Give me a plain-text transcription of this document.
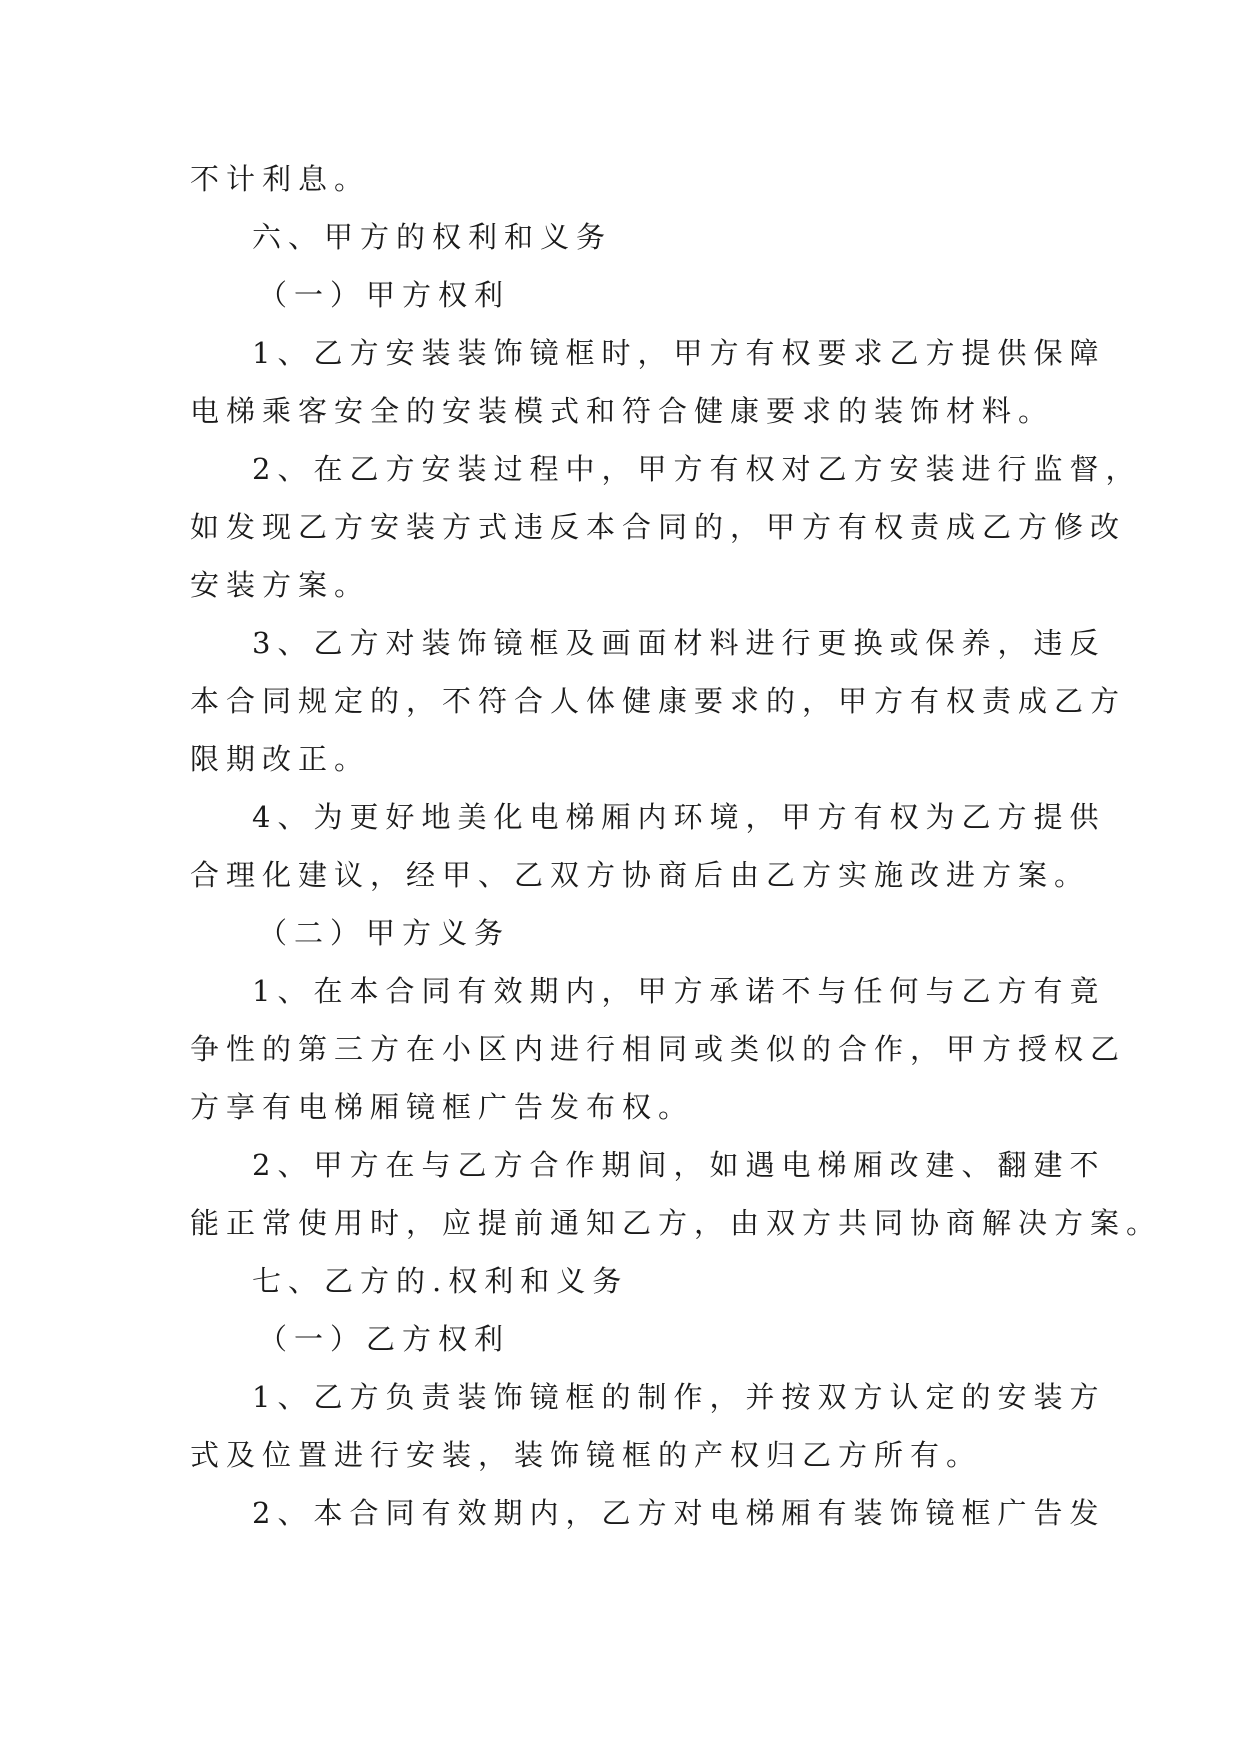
不计利息。
六、甲方的权利和义务
（一）甲方权利
1、乙方安装装饰镜框时，甲方有权要求乙方提供保障
电梯乘客安全的安装模式和符合健康要求的装饰材料。
2、在乙方安装过程中，甲方有权对乙方安装进行监督，
如发现乙方安装方式违反本合同的，甲方有权责成乙方修改
安装方案。
3、乙方对装饰镜框及画面材料进行更换或保养，违反
本合同规定的，不符合人体健康要求的，甲方有权责成乙方
限期改正。
4、为更好地美化电梯厢内环境，甲方有权为乙方提供
合理化建议，经甲、乙双方协商后由乙方实施改进方案。
（二）甲方义务
1、在本合同有效期内，甲方承诺不与任何与乙方有竟
争性的第三方在小区内进行相同或类似的合作，甲方授权乙
方享有电梯厢镜框广告发布权。
2、甲方在与乙方合作期间，如遇电梯厢改建、翻建不
能正常使用时，应提前通知乙方，由双方共同协商解决方案。
七、乙方的.权利和义务
（一）乙方权利
1、乙方负责装饰镜框的制作，并按双方认定的安装方
式及位置进行安装，装饰镜框的产权归乙方所有。
2、本合同有效期内，乙方对电梯厢有装饰镜框广告发
